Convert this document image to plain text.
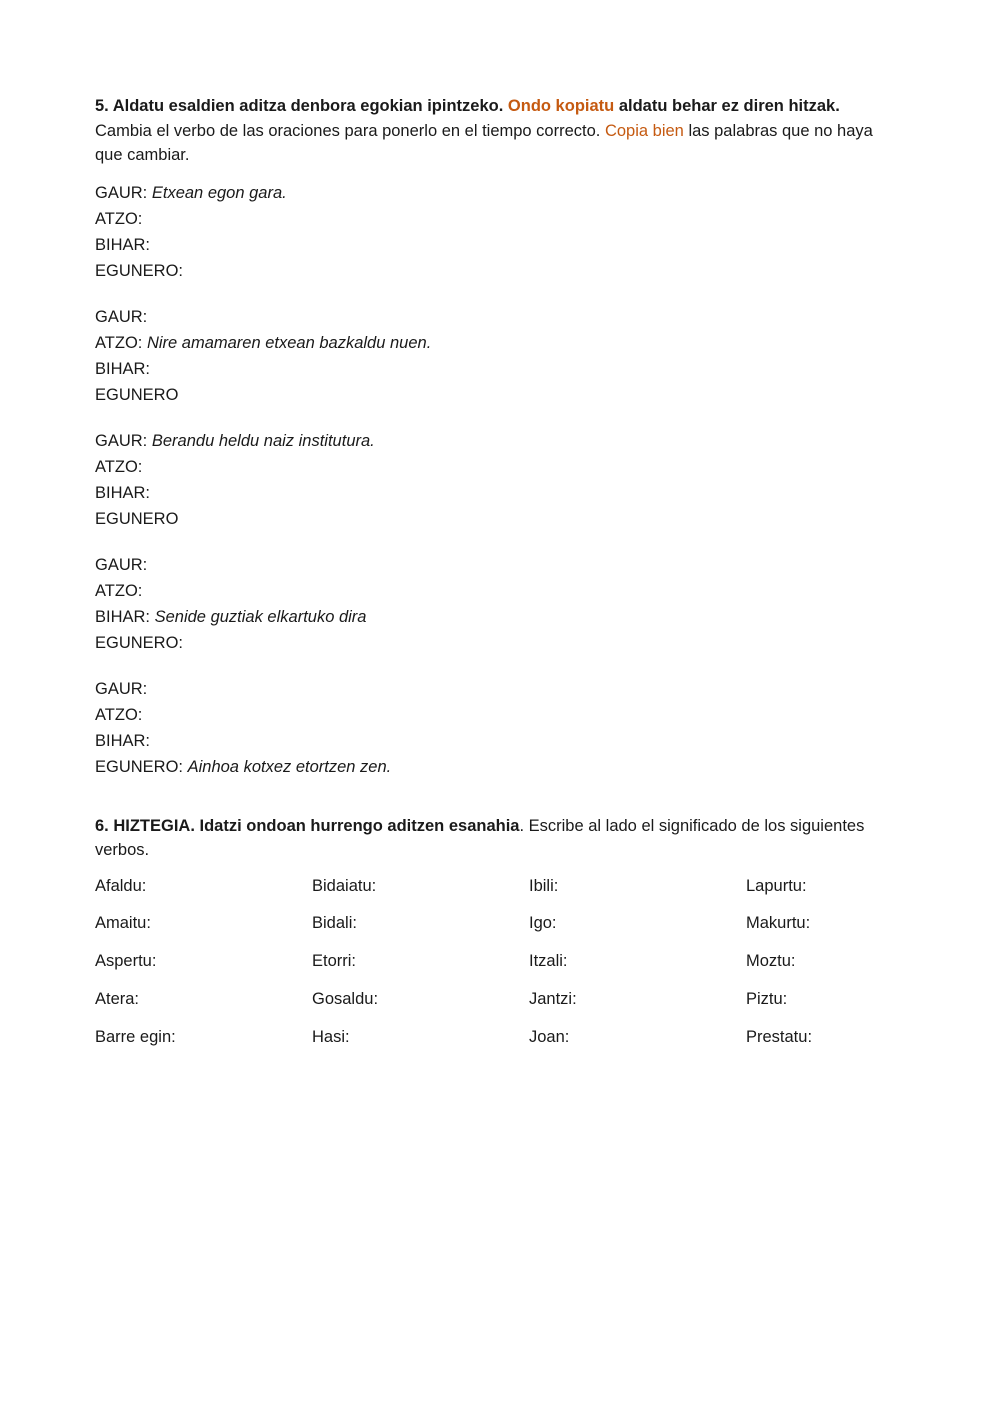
5. Aldatu esaldien aditza denbora egokian ipintzeko. Ondo kopiatu aldatu behar ez diren hitzak. Cambia el verbo de las oraciones para ponerlo en el tiempo correcto. Copia bien las palabras que no haya que cambiar.

GAUR: Etxean egon gara.
ATZO:
BIHAR:
EGUNERO:
GAUR:
ATZO: Nire amamaren etxean bazkaldu nuen.
BIHAR:
EGUNERO
GAUR: Berandu heldu naiz institutura.
ATZO:
BIHAR:
EGUNERO
GAUR:
ATZO:
BIHAR: Senide guztiak elkartuko dira
EGUNERO:
GAUR:
ATZO:
BIHAR:
EGUNERO: Ainhoa kotxez etortzen zen.

6. HIZTEGIA. Idatzi ondoan hurrengo aditzen esanahia. Escribe al lado el significado de los siguientes verbos.

Afaldu:	Bidaiatu:	Ibili:	Lapurtu:
Amaitu:	Bidali:	Igo:	Makurtu:
Aspertu:	Etorri:	Itzali:	Moztu:
Atera:	Gosaldu:	Jantzi:	Piztu:
Barre egin:	Hasi:	Joan:	Prestatu:
